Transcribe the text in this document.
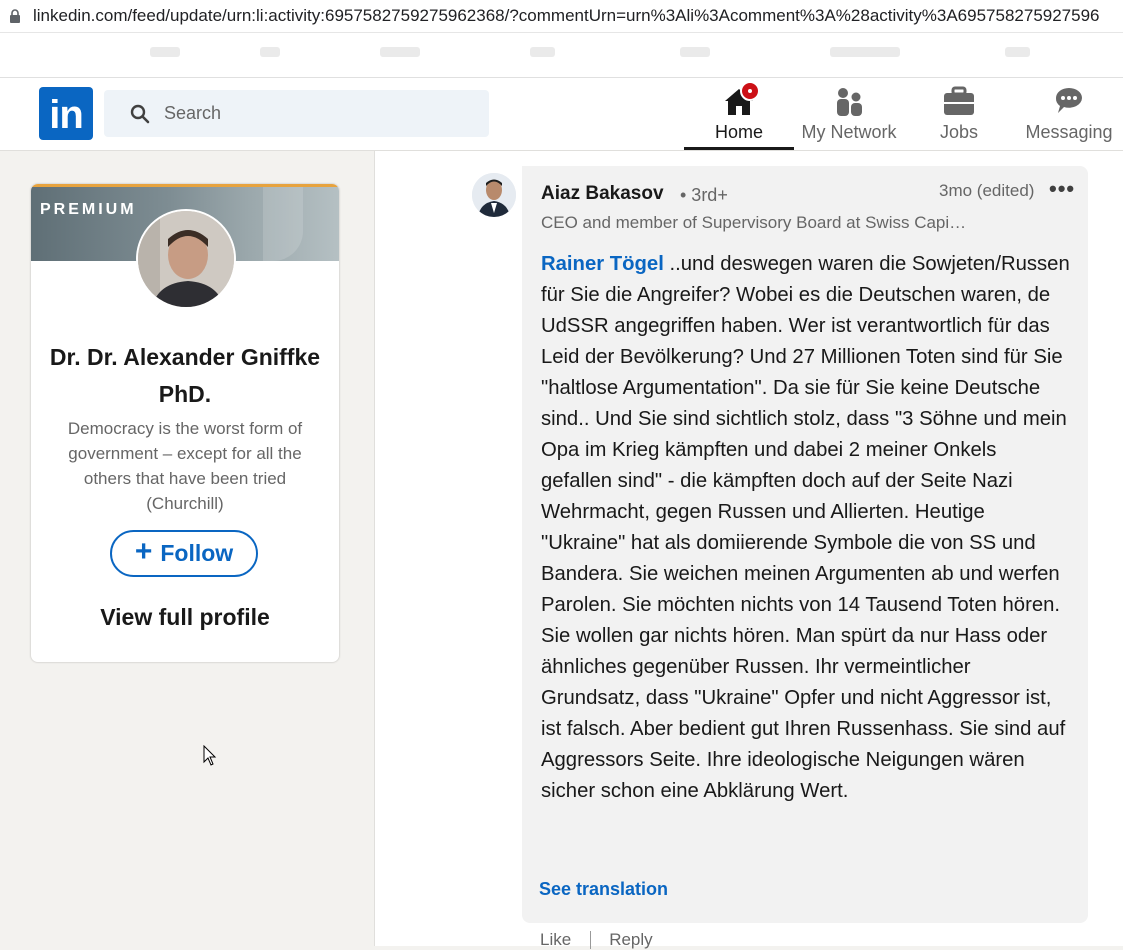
linkedin.com/feed/update/urn:li:activity:6957582759275962368/?commentUrn=urn%3Ali%3Acomment%3A%28activity%3A695758275927596
in
Search	Home	My Network	Jobs	Messaging
PREMIUM
Dr. Dr. Alexander Gniffke PhD.
Democracy is the worst form of government – except for all the others that have been tried (Churchill)
+ Follow
View full profile
Aiaz Bakasov • 3rd+
CEO and member of Supervisory Board at Swiss Capi…
3mo (edited) •••
Rainer Tögel ..und deswegen waren die Sowjeten/Russen für Sie die Angreifer? Wobei es die Deutschen waren, de UdSSR angegriffen haben. Wer ist verantwortlich für das Leid der Bevölkerung? Und 27 Millionen Toten sind für Sie "haltlose Argumentation". Da sie für Sie keine Deutsche sind.. Und Sie sind sichtlich stolz, dass "3 Söhne und mein Opa im Krieg kämpften und dabei 2 meiner Onkels gefallen sind" - die kämpften doch auf der Seite Nazi Wehrmacht, gegen Russen und Allierten. Heutige "Ukraine" hat als domiierende Symbole die von SS und Bandera. Sie weichen meinen Argumenten ab und werfen Parolen. Sie möchten nichts von 14 Tausend Toten hören. Sie wollen gar nichts hören. Man spürt da nur Hass oder ähnliches gegenüber Russen. Ihr vermeintlicher Grundsatz, dass "Ukraine" Opfer und nicht Aggressor ist, ist falsch. Aber bedient gut Ihren Russenhass. Sie sind auf Aggressors Seite. Ihre ideologische Neigungen wären sicher schon eine Abklärung Wert.
See translation
Like Reply
